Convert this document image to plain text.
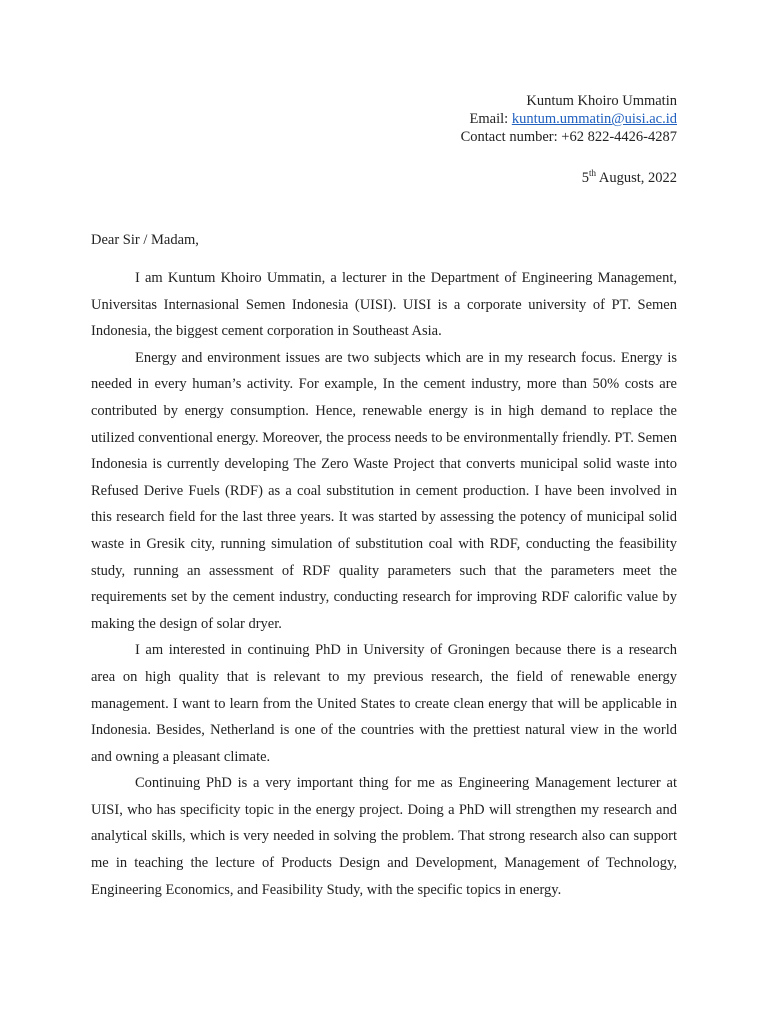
Kuntum Khoiro Ummatin
Email: kuntum.ummatin@uisi.ac.id
Contact number: +62 822-4426-4287
5th August, 2022
Dear Sir / Madam,

I am Kuntum Khoiro Ummatin, a lecturer in the Department of Engineering Management, Universitas Internasional Semen Indonesia (UISI). UISI is a corporate university of PT. Semen Indonesia, the biggest cement corporation in Southeast Asia.

Energy and environment issues are two subjects which are in my research focus. Energy is needed in every human’s activity. For example, In the cement industry, more than 50% costs are contributed by energy consumption. Hence, renewable energy is in high demand to replace the utilized conventional energy. Moreover, the process needs to be environmentally friendly. PT. Semen Indonesia is currently developing The Zero Waste Project that converts municipal solid waste into Refused Derive Fuels (RDF) as a coal substitution in cement production. I have been involved in this research field for the last three years. It was started by assessing the potency of municipal solid waste in Gresik city, running simulation of substitution coal with RDF, conducting the feasibility study, running an assessment of RDF quality parameters such that the parameters meet the requirements set by the cement industry, conducting research for improving RDF calorific value by making the design of solar dryer.

I am interested in continuing PhD in University of Groningen because there is a research area on high quality that is relevant to my previous research, the field of renewable energy management. I want to learn from the United States to create clean energy that will be applicable in Indonesia. Besides, Netherland is one of the countries with the prettiest natural view in the world and owning a pleasant climate.

Continuing PhD is a very important thing for me as Engineering Management lecturer at UISI, who has specificity topic in the energy project. Doing a PhD will strengthen my research and analytical skills, which is very needed in solving the problem. That strong research also can support me in teaching the lecture of Products Design and Development, Management of Technology, Engineering Economics, and Feasibility Study, with the specific topics in energy.
